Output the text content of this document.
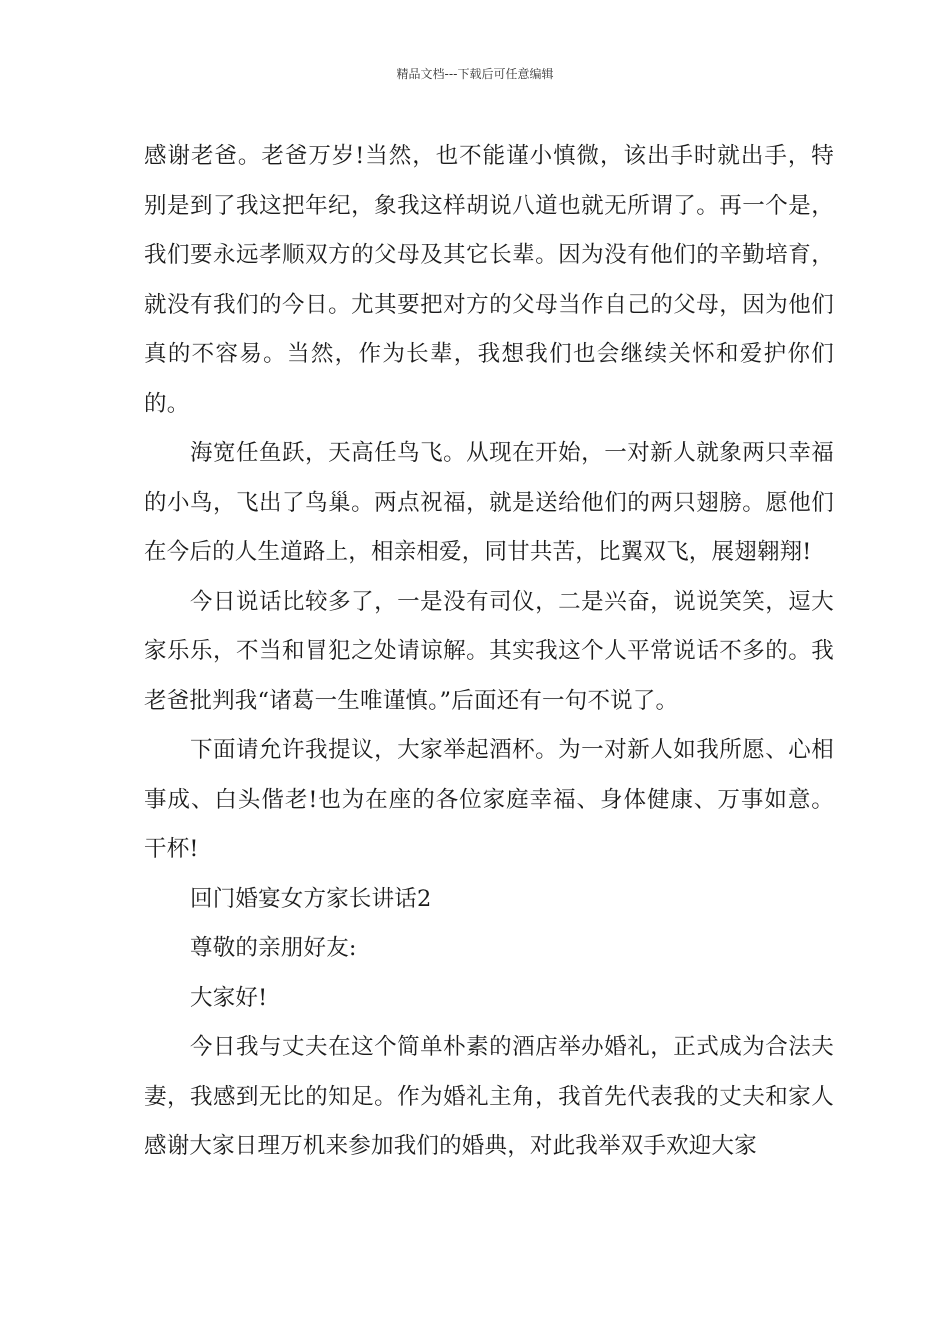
精品文档---下载后可任意编辑

感谢老爸。老爸万岁!当然，也不能谨小慎微，该出手时就出手，特别是到了我这把年纪，象我这样胡说八道也就无所谓了。再一个是，我们要永远孝顺双方的父母及其它长辈。因为没有他们的辛勤培育，就没有我们的今日。尤其要把对方的父母当作自己的父母，因为他们真的不容易。当然，作为长辈，我想我们也会继续关怀和爱护你们的。

海宽任鱼跃，天高任鸟飞。从现在开始，一对新人就象两只幸福的小鸟，飞出了鸟巢。两点祝福，就是送给他们的两只翅膀。愿他们在今后的人生道路上，相亲相爱，同甘共苦，比翼双飞，展翅翱翔!

今日说话比较多了，一是没有司仪，二是兴奋，说说笑笑，逗大家乐乐，不当和冒犯之处请谅解。其实我这个人平常说话不多的。我老爸批判我“诸葛一生唯谨慎。”后面还有一句不说了。

下面请允许我提议，大家举起酒杯。为一对新人如我所愿、心相事成、白头偕老!也为在座的各位家庭幸福、身体健康、万事如意。干杯!

回门婚宴女方家长讲话2

尊敬的亲朋好友:

大家好!

今日我与丈夫在这个简单朴素的酒店举办婚礼，正式成为合法夫妻，我感到无比的知足。作为婚礼主角，我首先代表我的丈夫和家人感谢大家日理万机来参加我们的婚典，对此我举双手欢迎大家
